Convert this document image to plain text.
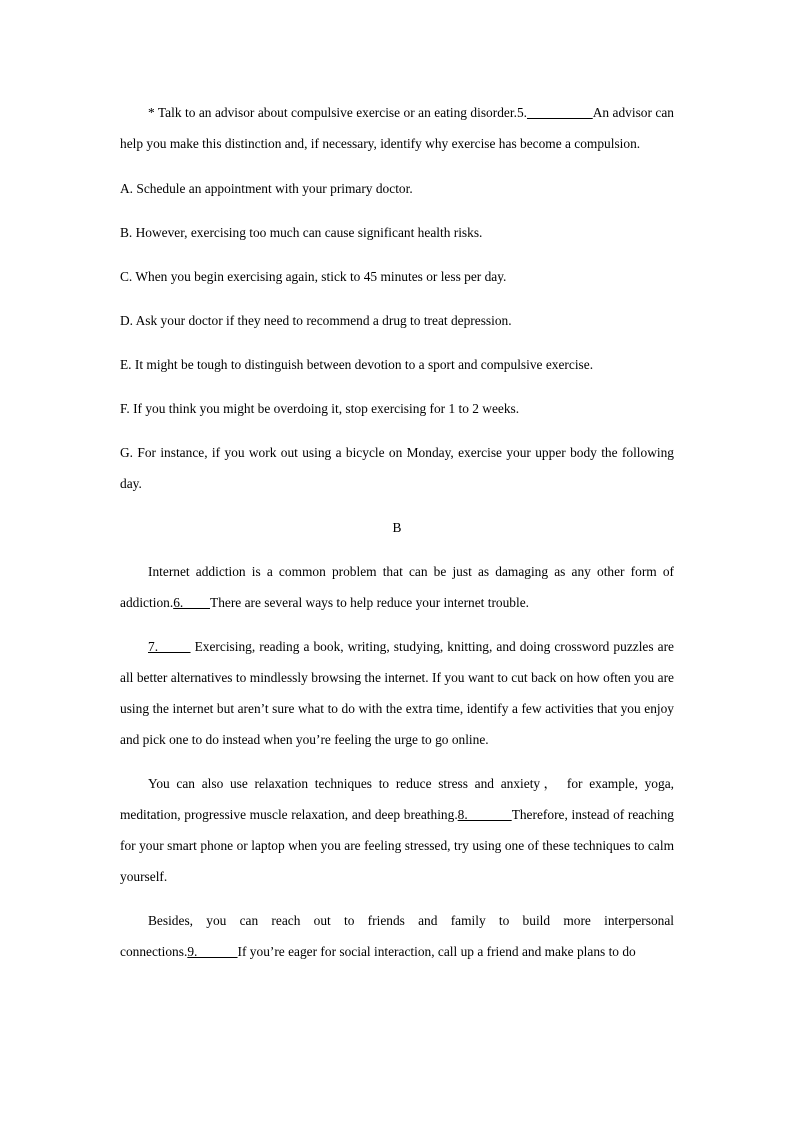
* Talk to an advisor about compulsive exercise or an eating disorder.5.	An advisor can help you make this distinction and, if necessary, identify why exercise has become a compulsion.

A. Schedule an appointment with your primary doctor.

B. However, exercising too much can cause significant health risks.

C. When you begin exercising again, stick to 45 minutes or less per day.

D. Ask your doctor if they need to recommend a drug to treat depression.

E. It might be tough to distinguish between devotion to a sport and compulsive exercise.

F. If you think you might be overdoing it, stop exercising for 1 to 2 weeks.

G. For instance, if you work out using a bicycle on Monday, exercise your upper body the following day.

B

Internet addiction is a common problem that can be just as damaging as any other form of addiction.6.        There are several ways to help reduce your internet trouble.

7.         Exercising, reading a book, writing, studying, knitting, and doing crossword puzzles are all better alternatives to mindlessly browsing the internet. If you want to cut back on how often you are using the internet but aren’t sure what to do with the extra time, identify a few activities that you enjoy and pick one to do instead when you’re feeling the urge to go online.

You can also use relaxation techniques to reduce stress and anxiety， for example, yoga, meditation, progressive muscle relaxation, and deep breathing.8.            Therefore, instead of reaching for your smart phone or laptop when you are feeling stressed, try using one of these techniques to calm yourself.

Besides, you can reach out to friends and family to build more interpersonal connections.9.            If you’re eager for social interaction, call up a friend and make plans to do
